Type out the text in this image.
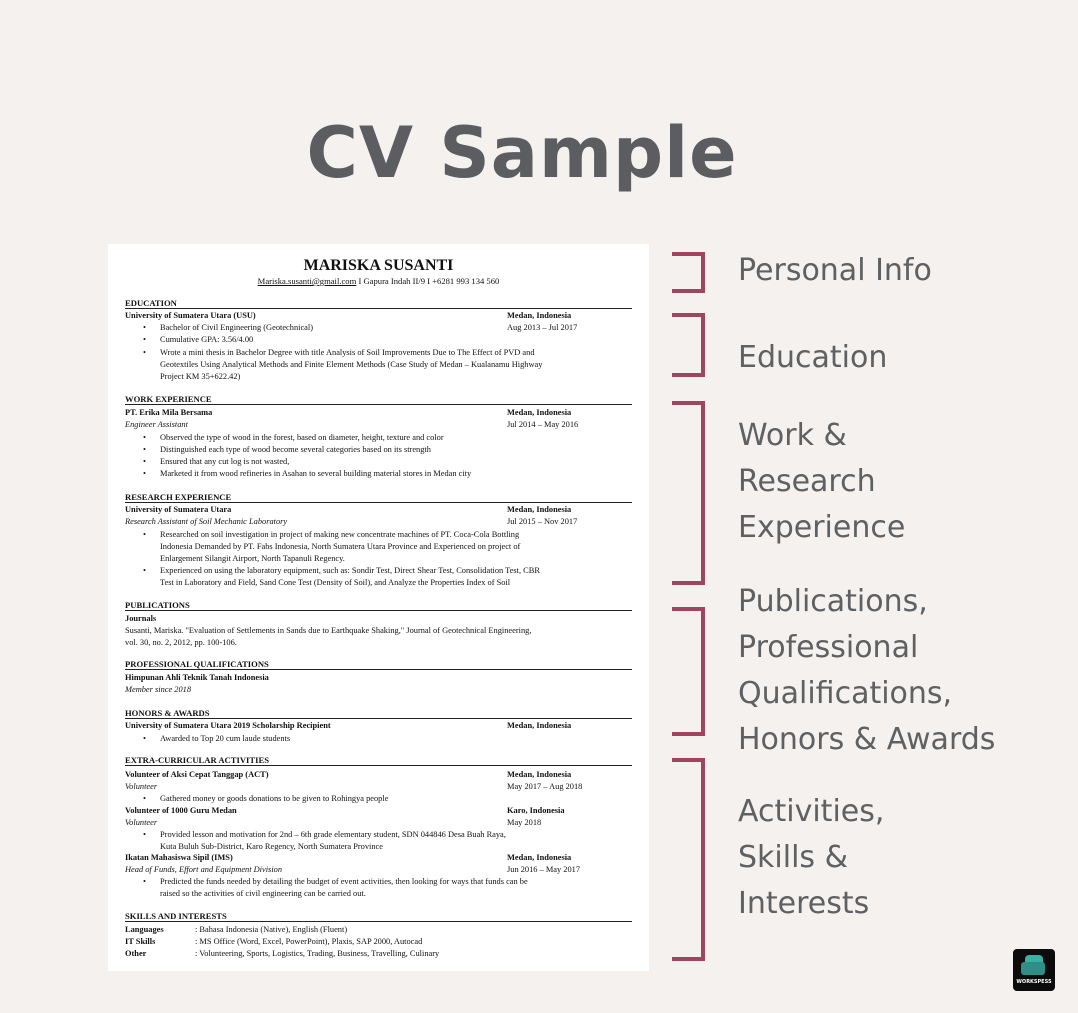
CV Sample
MARISKA SUSANTI
Mariska.susanti@gmail.com I Gapura Indah II/9 I +6281 993 134 560
EDUCATION
University of Sumatera Utara (USU)	Medan, Indonesia
• Bachelor of Civil Engineering (Geotechnical)	Aug 2013 – Jul 2017
• Cumulative GPA: 3.56/4.00
• Wrote a mini thesis in Bachelor Degree with title Analysis of Soil Improvements Due to The Effect of PVD and
Geotextiles Using Analytical Methods and Finite Element Methods (Case Study of Medan – Kualanamu Highway
Project KM 35+622.42)
WORK EXPERIENCE
PT. Erika Mila Bersama	Medan, Indonesia
Engineer Assistant	Jul 2014 – May 2016
• Observed the type of wood in the forest, based on diameter, height, texture and color
• Distinguished each type of wood become several categories based on its strength
• Ensured that any cut log is not wasted,
• Marketed it from wood refineries in Asahan to several building material stores in Medan city
RESEARCH EXPERIENCE
University of Sumatera Utara	Medan, Indonesia
Research Assistant of Soil Mechanic Laboratory	Jul 2015 – Nov 2017
• Researched on soil investigation in project of making new concentrate machines of PT. Coca-Cola Bottling
Indonesia Demanded by PT. Fabs Indonesia, North Sumatera Utara Province and Experienced on project of
Enlargement Silangit Airport, North Tapanuli Regency.
• Experienced on using the laboratory equipment, such as: Sondir Test, Direct Shear Test, Consolidation Test, CBR
Test in Laboratory and Field, Sand Cone Test (Density of Soil), and Analyze the Properties Index of Soil
PUBLICATIONS
Journals
Susanti, Mariska. "Evaluation of Settlements in Sands due to Earthquake Shaking," Journal of Geotechnical Engineering,
vol. 30, no. 2, 2012, pp. 100-106.
PROFESSIONAL QUALIFICATIONS
Himpunan Ahli Teknik Tanah Indonesia
Member since 2018
HONORS & AWARDS
University of Sumatera Utara 2019 Scholarship Recipient	Medan, Indonesia
• Awarded to Top 20 cum laude students
EXTRA-CURRICULAR ACTIVITIES
Volunteer of Aksi Cepat Tanggap (ACT)	Medan, Indonesia
Volunteer	May 2017 – Aug 2018
• Gathered money or goods donations to be given to Rohingya people
Volunteer of 1000 Guru Medan	Karo, Indonesia
Volunteer	May 2018
• Provided lesson and motivation for 2nd – 6th grade elementary student, SDN 044846 Desa Buah Raya,
Kuta Buluh Sub-District, Karo Regency, North Sumatera Province
Ikatan Mahasiswa Sipil (IMS)	Medan, Indonesia
Head of Funds, Effort and Equipment Division	Jun 2016 – May 2017
• Predicted the funds needed by detailing the budget of event activities, then looking for ways that funds can be
raised so the activities of civil engineering can be carried out.
SKILLS AND INTERESTS
Languages	: Bahasa Indonesia (Native), English (Fluent)
IT Skills	: MS Office (Word, Excel, PowerPoint), Plaxis, SAP 2000, Autocad
Other	: Volunteering, Sports, Logistics, Trading, Business, Travelling, Culinary
Personal Info
Education
Work &
Research
Experience
Publications,
Professional
Qualifications,
Honors & Awards
Activities,
Skills &
Interests
WORKSPESS
